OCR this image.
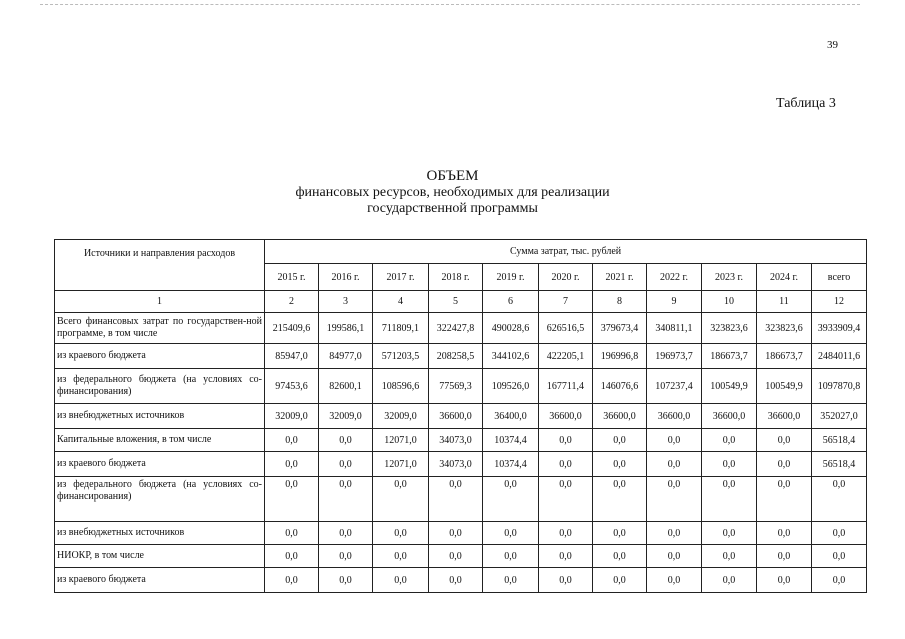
39
Таблица 3
ОБЪЕМ
финансовых ресурсов, необходимых для реализации
государственной программы
Источники и направления расходов	Сумма затрат, тыс. рублей										
	2015 г.	2016 г.	2017 г.	2018 г.	2019 г.	2020 г.	2021 г.	2022 г.	2023 г.	2024 г.	всего
1	2	3	4	5	6	7	8	9	10	11	12
Всего финансовых затрат по государствен-ной программе, в том числе	215409,6	199586,1	711809,1	322427,8	490028,6	626516,5	379673,4	340811,1	323823,6	323823,6	3933909,4
из краевого бюджета	85947,0	84977,0	571203,5	208258,5	344102,6	422205,1	196996,8	196973,7	186673,7	186673,7	2484011,6
из федерального бюджета (на условиях со-финансирования)	97453,6	82600,1	108596,6	77569,3	109526,0	167711,4	146076,6	107237,4	100549,9	100549,9	1097870,8
из внебюджетных источников	32009,0	32009,0	32009,0	36600,0	36400,0	36600,0	36600,0	36600,0	36600,0	36600,0	352027,0
Капитальные вложения, в том числе	0,0	0,0	12071,0	34073,0	10374,4	0,0	0,0	0,0	0,0	0,0	56518,4
из краевого бюджета	0,0	0,0	12071,0	34073,0	10374,4	0,0	0,0	0,0	0,0	0,0	56518,4
из федерального бюджета (на условиях со-финансирования)	0,0	0,0	0,0	0,0	0,0	0,0	0,0	0,0	0,0	0,0	0,0
из внебюджетных источников	0,0	0,0	0,0	0,0	0,0	0,0	0,0	0,0	0,0	0,0	0,0
НИОКР, в том числе	0,0	0,0	0,0	0,0	0,0	0,0	0,0	0,0	0,0	0,0	0,0
из краевого бюджета	0,0	0,0	0,0	0,0	0,0	0,0	0,0	0,0	0,0	0,0	0,0
